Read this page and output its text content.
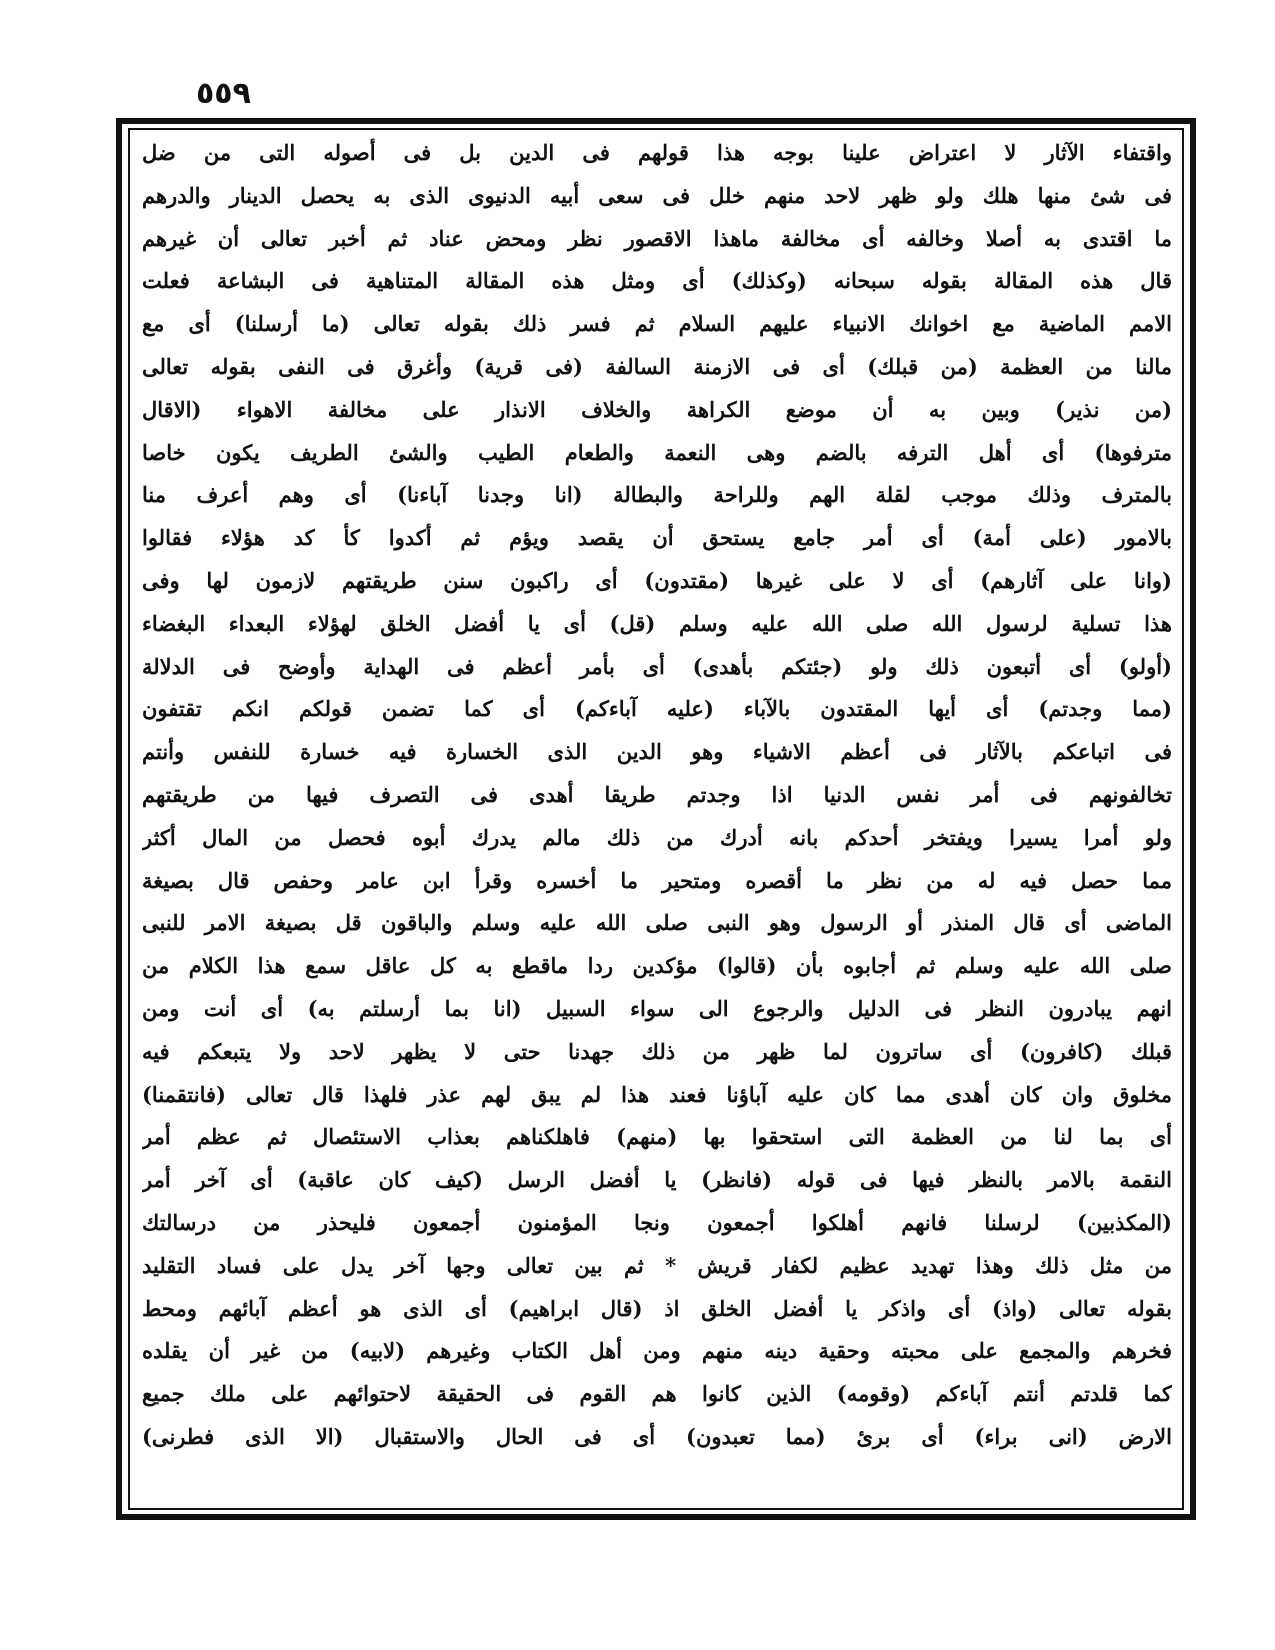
٥٥٩
واقتفاء الآثار لا اعتراض علينا بوجه هذا قولهم فى الدين بل فى أصوله التى من ضل
فى شئ منها هلك ولو ظهر لاحد منهم خلل فى سعى أبيه الدنيوى الذى به يحصل الدينار والدرهم
ما اقتدى به أصلا وخالفه أى مخالفة ماهذا الاقصور نظر ومحض عناد ثم أخبر تعالى أن غيرهم
قال هذه المقالة بقوله سبحانه (وكذلك) أى ومثل هذه المقالة المتناهية فى البشاعة فعلت
الامم الماضية مع اخوانك الانبياء عليهم السلام ثم فسر ذلك بقوله تعالى (ما أرسلنا) أى مع
مالنا من العظمة (من قبلك) أى فى الازمنة السالفة (فى قرية) وأغرق فى النفى بقوله تعالى
(من نذير) وبين به أن موضع الكراهة والخلاف الانذار على مخالفة الاهواء (الاقال
مترفوها) أى أهل الترفه بالضم وهى النعمة والطعام الطيب والشئ الطريف يكون خاصا
بالمترف وذلك موجب لقلة الهم وللراحة والبطالة (انا وجدنا آباءنا) أى وهم أعرف منا
بالامور (على أمة) أى أمر جامع يستحق أن يقصد ويؤم ثم أكدوا كأ كد هؤلاء فقالوا
(وانا على آثارهم) أى لا على غيرها (مقتدون) أى راكبون سنن طريقتهم لازمون لها وفى
هذا تسلية لرسول الله صلى الله عليه وسلم (قل) أى يا أفضل الخلق لهؤلاء البعداء البغضاء
(أولو) أى أتبعون ذلك ولو (جئتكم بأهدى) أى بأمر أعظم فى الهداية وأوضح فى الدلالة
(مما وجدتم) أى أيها المقتدون بالآباء (عليه آباءكم) أى كما تضمن قولكم انكم تقتفون
فى اتباعكم بالآثار فى أعظم الاشياء وهو الدين الذى الخسارة فيه خسارة للنفس وأنتم
تخالفونهم فى أمر نفس الدنيا اذا وجدتم طريقا أهدى فى التصرف فيها من طريقتهم
ولو أمرا يسيرا ويفتخر أحدكم بانه أدرك من ذلك مالم يدرك أبوه فحصل من المال أكثر
مما حصل فيه له من نظر ما أقصره ومتحير ما أخسره وقرأ ابن عامر وحفص قال بصيغة
الماضى أى قال المنذر أو الرسول وهو النبى صلى الله عليه وسلم والباقون قل بصيغة الامر للنبى
صلى الله عليه وسلم ثم أجابوه بأن (قالوا) مؤكدين ردا ماقطع به كل عاقل سمع هذا الكلام من
انهم يبادرون النظر فى الدليل والرجوع الى سواء السبيل (انا بما أرسلتم به) أى أنت ومن
قبلك (كافرون) أى ساترون لما ظهر من ذلك جهدنا حتى لا يظهر لاحد ولا يتبعكم فيه
مخلوق وان كان أهدى مما كان عليه آباؤنا فعند هذا لم يبق لهم عذر فلهذا قال تعالى (فانتقمنا)
أى بما لنا من العظمة التى استحقوا بها (منهم) فاهلكناهم بعذاب الاستئصال ثم عظم أمر
النقمة بالامر بالنظر فيها فى قوله (فانظر) يا أفضل الرسل (كيف كان عاقبة) أى آخر أمر
(المكذبين) لرسلنا فانهم أهلكوا أجمعون ونجا المؤمنون أجمعون فليحذر من درسالتك
من مثل ذلك وهذا تهديد عظيم لكفار قريش * ثم بين تعالى وجها آخر يدل على فساد التقليد
بقوله تعالى (واذ) أى واذكر يا أفضل الخلق اذ (قال ابراهيم) أى الذى هو أعظم آبائهم ومحط
فخرهم والمجمع على محبته وحقية دينه منهم ومن أهل الكتاب وغيرهم (لابيه) من غير أن يقلده
كما قلدتم أنتم آباءكم (وقومه) الذين كانوا هم القوم فى الحقيقة لاحتوائهم على ملك جميع
الارض (انى براء) أى برئ (مما تعبدون) أى فى الحال والاستقبال (الا الذى فطرنى)
